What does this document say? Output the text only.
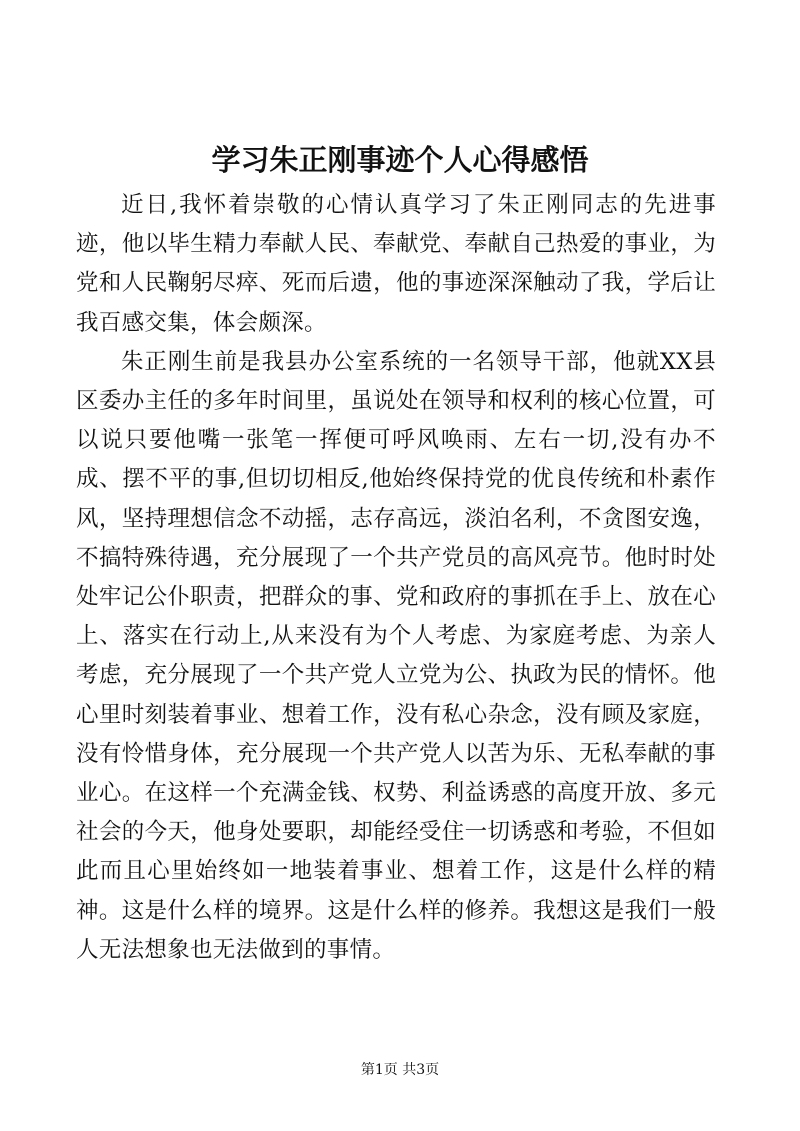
学习朱正刚事迹个人心得感悟

近日,我怀着崇敬的心情认真学习了朱正刚同志的先进事迹，他以毕生精力奉献人民、奉献党、奉献自己热爱的事业，为党和人民鞠躬尽瘁、死而后遗，他的事迹深深触动了我，学后让我百感交集，体会颇深。

朱正刚生前是我县办公室系统的一名领导干部，他就XX县区委办主任的多年时间里，虽说处在领导和权利的核心位置，可以说只要他嘴一张笔一挥便可呼风唤雨、左右一切,没有办不成、摆不平的事,但切切相反,他始终保持党的优良传统和朴素作风，坚持理想信念不动摇，志存高远，淡泊名利，不贪图安逸，不搞特殊待遇，充分展现了一个共产党员的高风亮节。他时时处处牢记公仆职责，把群众的事、党和政府的事抓在手上、放在心上、落实在行动上,从来没有为个人考虑、为家庭考虑、为亲人考虑，充分展现了一个共产党人立党为公、执政为民的情怀。他心里时刻装着事业、想着工作，没有私心杂念，没有顾及家庭，没有怜惜身体，充分展现一个共产党人以苦为乐、无私奉献的事业心。在这样一个充满金钱、权势、利益诱惑的高度开放、多元社会的今天，他身处要职，却能经受住一切诱惑和考验，不但如此而且心里始终如一地装着事业、想着工作，这是什么样的精神。这是什么样的境界。这是什么样的修养。我想这是我们一般人无法想象也无法做到的事情。

第1页 共3页
